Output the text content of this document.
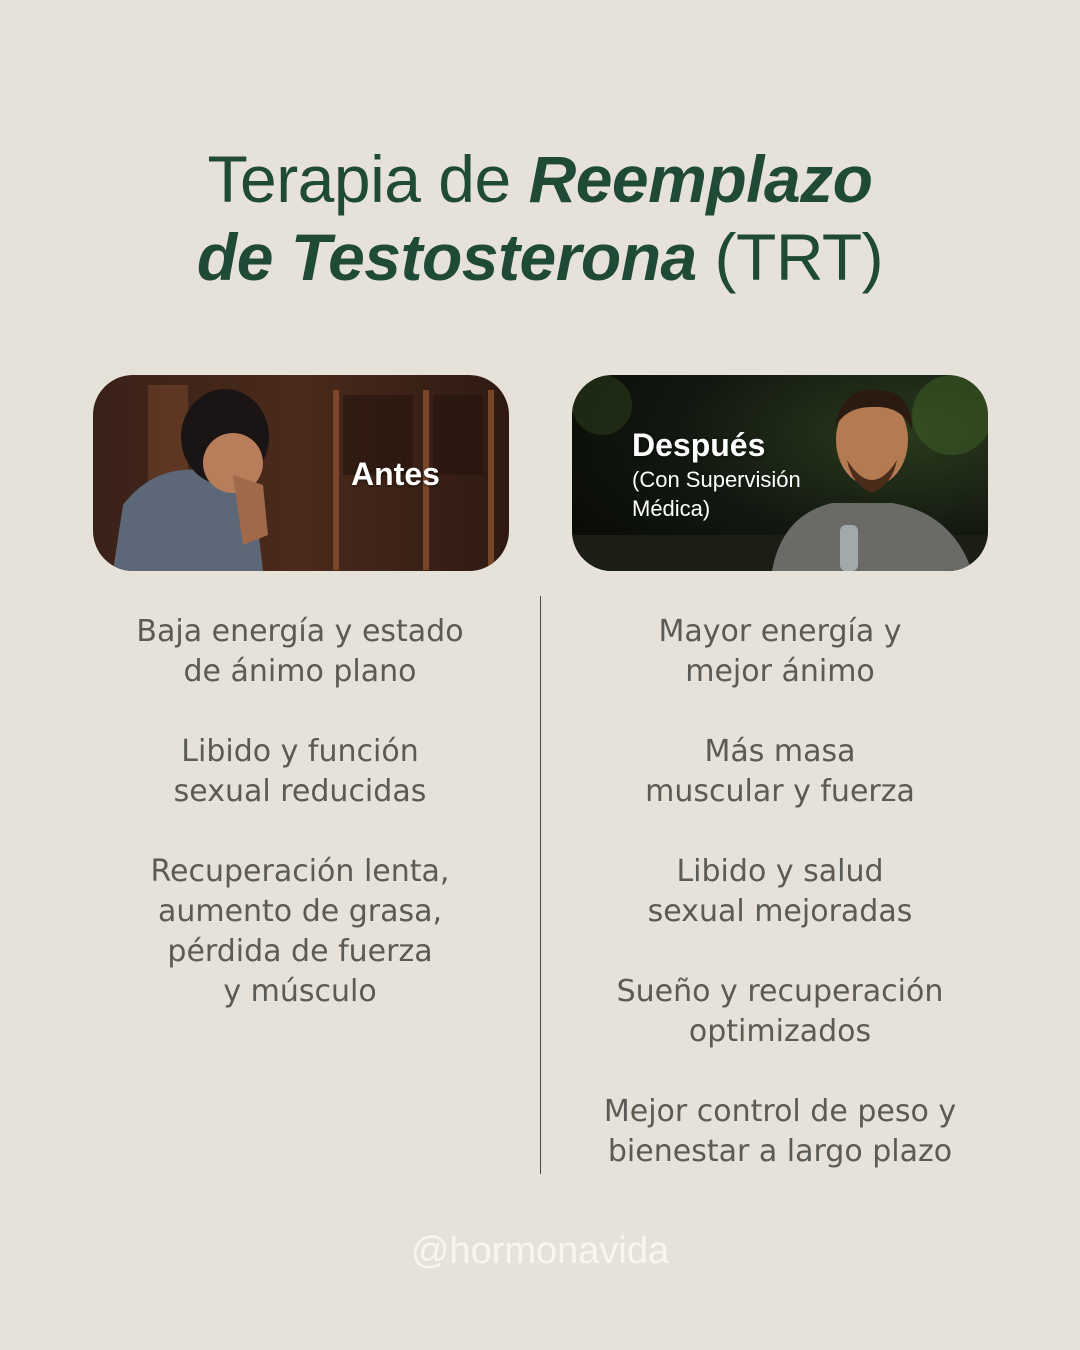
Terapia de Reemplazo
de Testosterona (TRT)
Antes
Después
(Con Supervisión
Médica)
Baja energía y estado
de ánimo plano
Libido y función
sexual reducidas
Recuperación lenta,
aumento de grasa,
pérdida de fuerza
y músculo
Mayor energía y
mejor ánimo
Más masa
muscular y fuerza
Libido y salud
sexual mejoradas
Sueño y recuperación
optimizados
Mejor control de peso y
bienestar a largo plazo
@hormonavida
